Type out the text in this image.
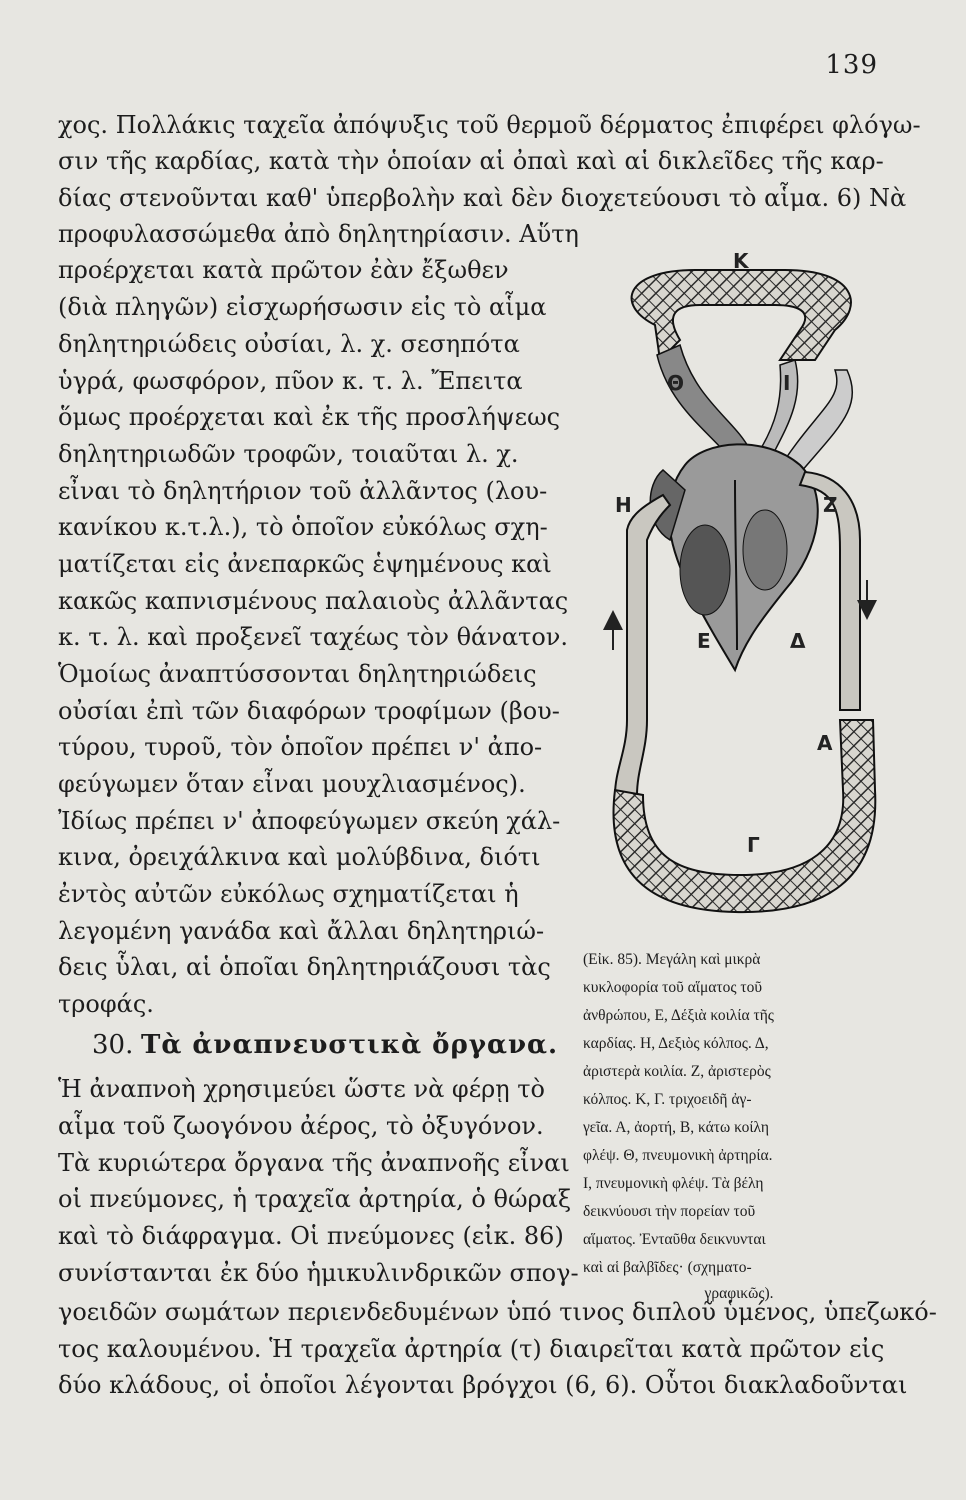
139
χος. Πολλάκις ταχεῖα ἀπόψυξις τοῦ θερμοῦ δέρματος ἐπιφέρει φλόγω-
σιν τῆς καρδίας, κατὰ τὴν ὁποίαν αἱ ὀπαὶ καὶ αἱ δικλεῖδες τῆς καρ-
δίας στενοῦνται καθ' ὑπερβολὴν καὶ δὲν διοχετεύουσι τὸ αἷμα. 6) Νὰ
προφυλασσώμεθα ἀπὸ δηλητηρίασιν. Αὕτη
προέρχεται κατὰ πρῶτον ἐὰν ἔξωθεν
(διὰ πληγῶν) εἰσχωρήσωσιν εἰς τὸ αἷμα
δηλητηριώδεις οὐσίαι, λ. χ. σεσηπότα
ὑγρά, φωσφόρον, πῦον κ. τ. λ. Ἔπειτα
ὅμως προέρχεται καὶ ἐκ τῆς προσλήψεως
δηλητηριωδῶν τροφῶν, τοιαῦται λ. χ.
εἶναι τὸ δηλητήριον τοῦ ἀλλᾶντος (λου-
κανίκου κ.τ.λ.), τὸ ὁποῖον εὐκόλως σχη-
ματίζεται εἰς ἀνεπαρκῶς ἑψημένους καὶ
κακῶς καπνισμένους παλαιοὺς ἀλλᾶντας
κ. τ. λ. καὶ προξενεῖ ταχέως τὸν θάνατον.
Ὁμοίως ἀναπτύσσονται δηλητηριώδεις
οὐσίαι ἐπὶ τῶν διαφόρων τροφίμων (βου-
τύρου, τυροῦ, τὸν ὁποῖον πρέπει ν' ἀπο-
φεύγωμεν ὅταν εἶναι μουχλιασμένος).
Ἰδίως πρέπει ν' ἀποφεύγωμεν σκεύη χάλ-
κινα, ὀρειχάλκινα καὶ μολύβδινα, διότι
ἐντὸς αὐτῶν εὐκόλως σχηματίζεται ἡ
λεγομένη γανάδα καὶ ἄλλαι δηλητηριώ-
δεις ὗλαι, αἱ ὁποῖαι δηλητηριάζουσι τὰς
τροφάς.
30. Τὰ ἀναπνευστικὰ ὄργανα.
Ἡ ἀναπνοὴ χρησιμεύει ὥστε νὰ φέρῃ τὸ
αἷμα τοῦ ζωογόνου ἀέρος, τὸ ὀξυγόνον.
Τὰ κυριώτερα ὄργανα τῆς ἀναπνοῆς εἶναι
οἱ πνεύμονες, ἡ τραχεῖα ἀρτηρία, ὁ θώραξ
καὶ τὸ διάφραγμα. Οἱ πνεύμονες (εἰκ. 86)
συνίστανται ἐκ δύο ἡμικυλινδρικῶν σπογ-
γοειδῶν σωμάτων περιενδεδυμένων ὑπό τινος διπλοῦ ὑμένος, ὑπεζωκό-
τος καλουμένου. Ἡ τραχεῖα ἀρτηρία (τ) διαιρεῖται κατὰ πρῶτον εἰς
δύο κλάδους, οἱ ὁποῖοι λέγονται βρόγχοι (6, 6). Οὗτοι διακλαδοῦνται
K
Θ	Ι
Η	Ζ
Ε	Δ
Α
Γ
(Εἰκ. 85). Μεγάλη καὶ μικρὰ
κυκλοφορία τοῦ αἵματος τοῦ
ἀνθρώπου, Ε, Δέξιὰ κοιλία τῆς
καρδίας. Η, Δεξιὸς κόλπος. Δ,
ἀριστερὰ κοιλία. Ζ, ἀριστερὸς
κόλπος. Κ, Γ. τριχοειδῆ ἀγ-
γεῖα. Α, ἀορτή, Β, κάτω κοίλη
φλέψ. Θ, πνευμονικὴ ἀρτηρία.
Ι, πνευμονικὴ φλέψ. Τὰ βέλη
δεικνύουσι τὴν πορείαν τοῦ
αἵματος. Ἐνταῦθα δεικνυνται
καὶ αἱ βαλβῖδες· (σχηματο-
γραφικῶς).
